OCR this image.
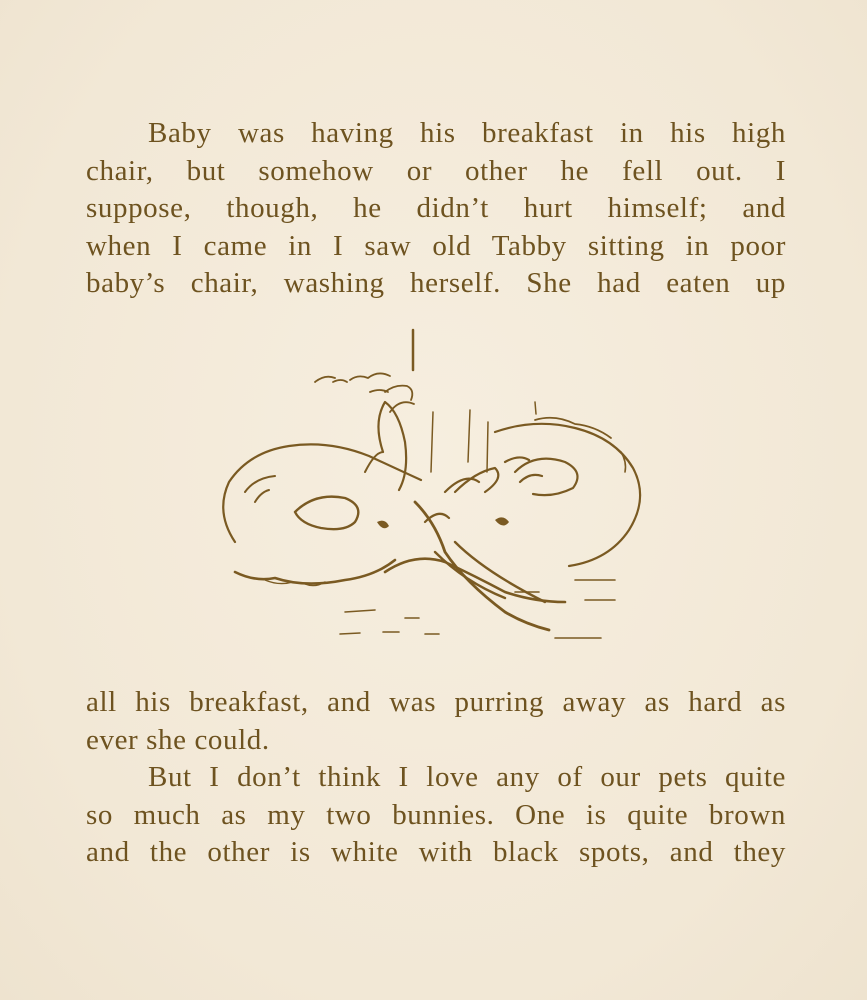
Baby was having his breakfast in his high
chair, but somehow or other he fell out. I
suppose, though, he didn’t hurt himself; and
when I came in I saw old Tabby sitting in poor
baby’s chair, washing herself. She had eaten up
all his breakfast, and was purring away as hard as
ever she could.
But I don’t think I love any of our pets quite
so much as my two bunnies. One is quite brown
and the other is white with black spots, and they
